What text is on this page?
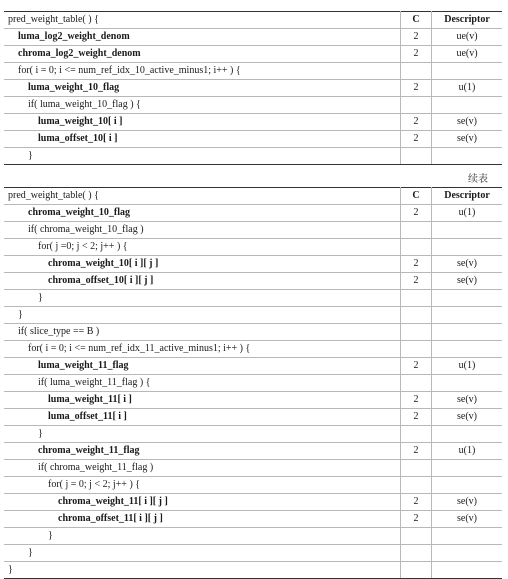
pred_weight_table( ) {	C	Descriptor
luma_log2_weight_denom	2	ue(v)
chroma_log2_weight_denom	2	ue(v)
for( i = 0; i <= num_ref_idx_10_active_minus1; i++ ) {		
luma_weight_10_flag	2	u(1)
if( luma_weight_10_flag ) {		
luma_weight_10[ i ]	2	se(v)
luma_offset_10[ i ]	2	se(v)
}		
续表
pred_weight_table( ) {	C	Descriptor
chroma_weight_10_flag	2	u(1)
if( chroma_weight_10_flag )		
for( j =0; j < 2; j++ ) {		
chroma_weight_10[ i ][ j ]	2	se(v)
chroma_offset_10[ i ][ j ]	2	se(v)
}		
}		
if( slice_type == B )		
for( i = 0; i <= num_ref_idx_11_active_minus1; i++ ) {		
luma_weight_11_flag	2	u(1)
if( luma_weight_11_flag ) {		
luma_weight_11[ i ]	2	se(v)
luma_offset_11[ i ]	2	se(v)
}		
chroma_weight_11_flag	2	u(1)
if( chroma_weight_11_flag )		
for( j = 0; j < 2; j++ ) {		
chroma_weight_11[ i ][ j ]	2	se(v)
chroma_offset_11[ i ][ j ]	2	se(v)
}		
}		
}		
